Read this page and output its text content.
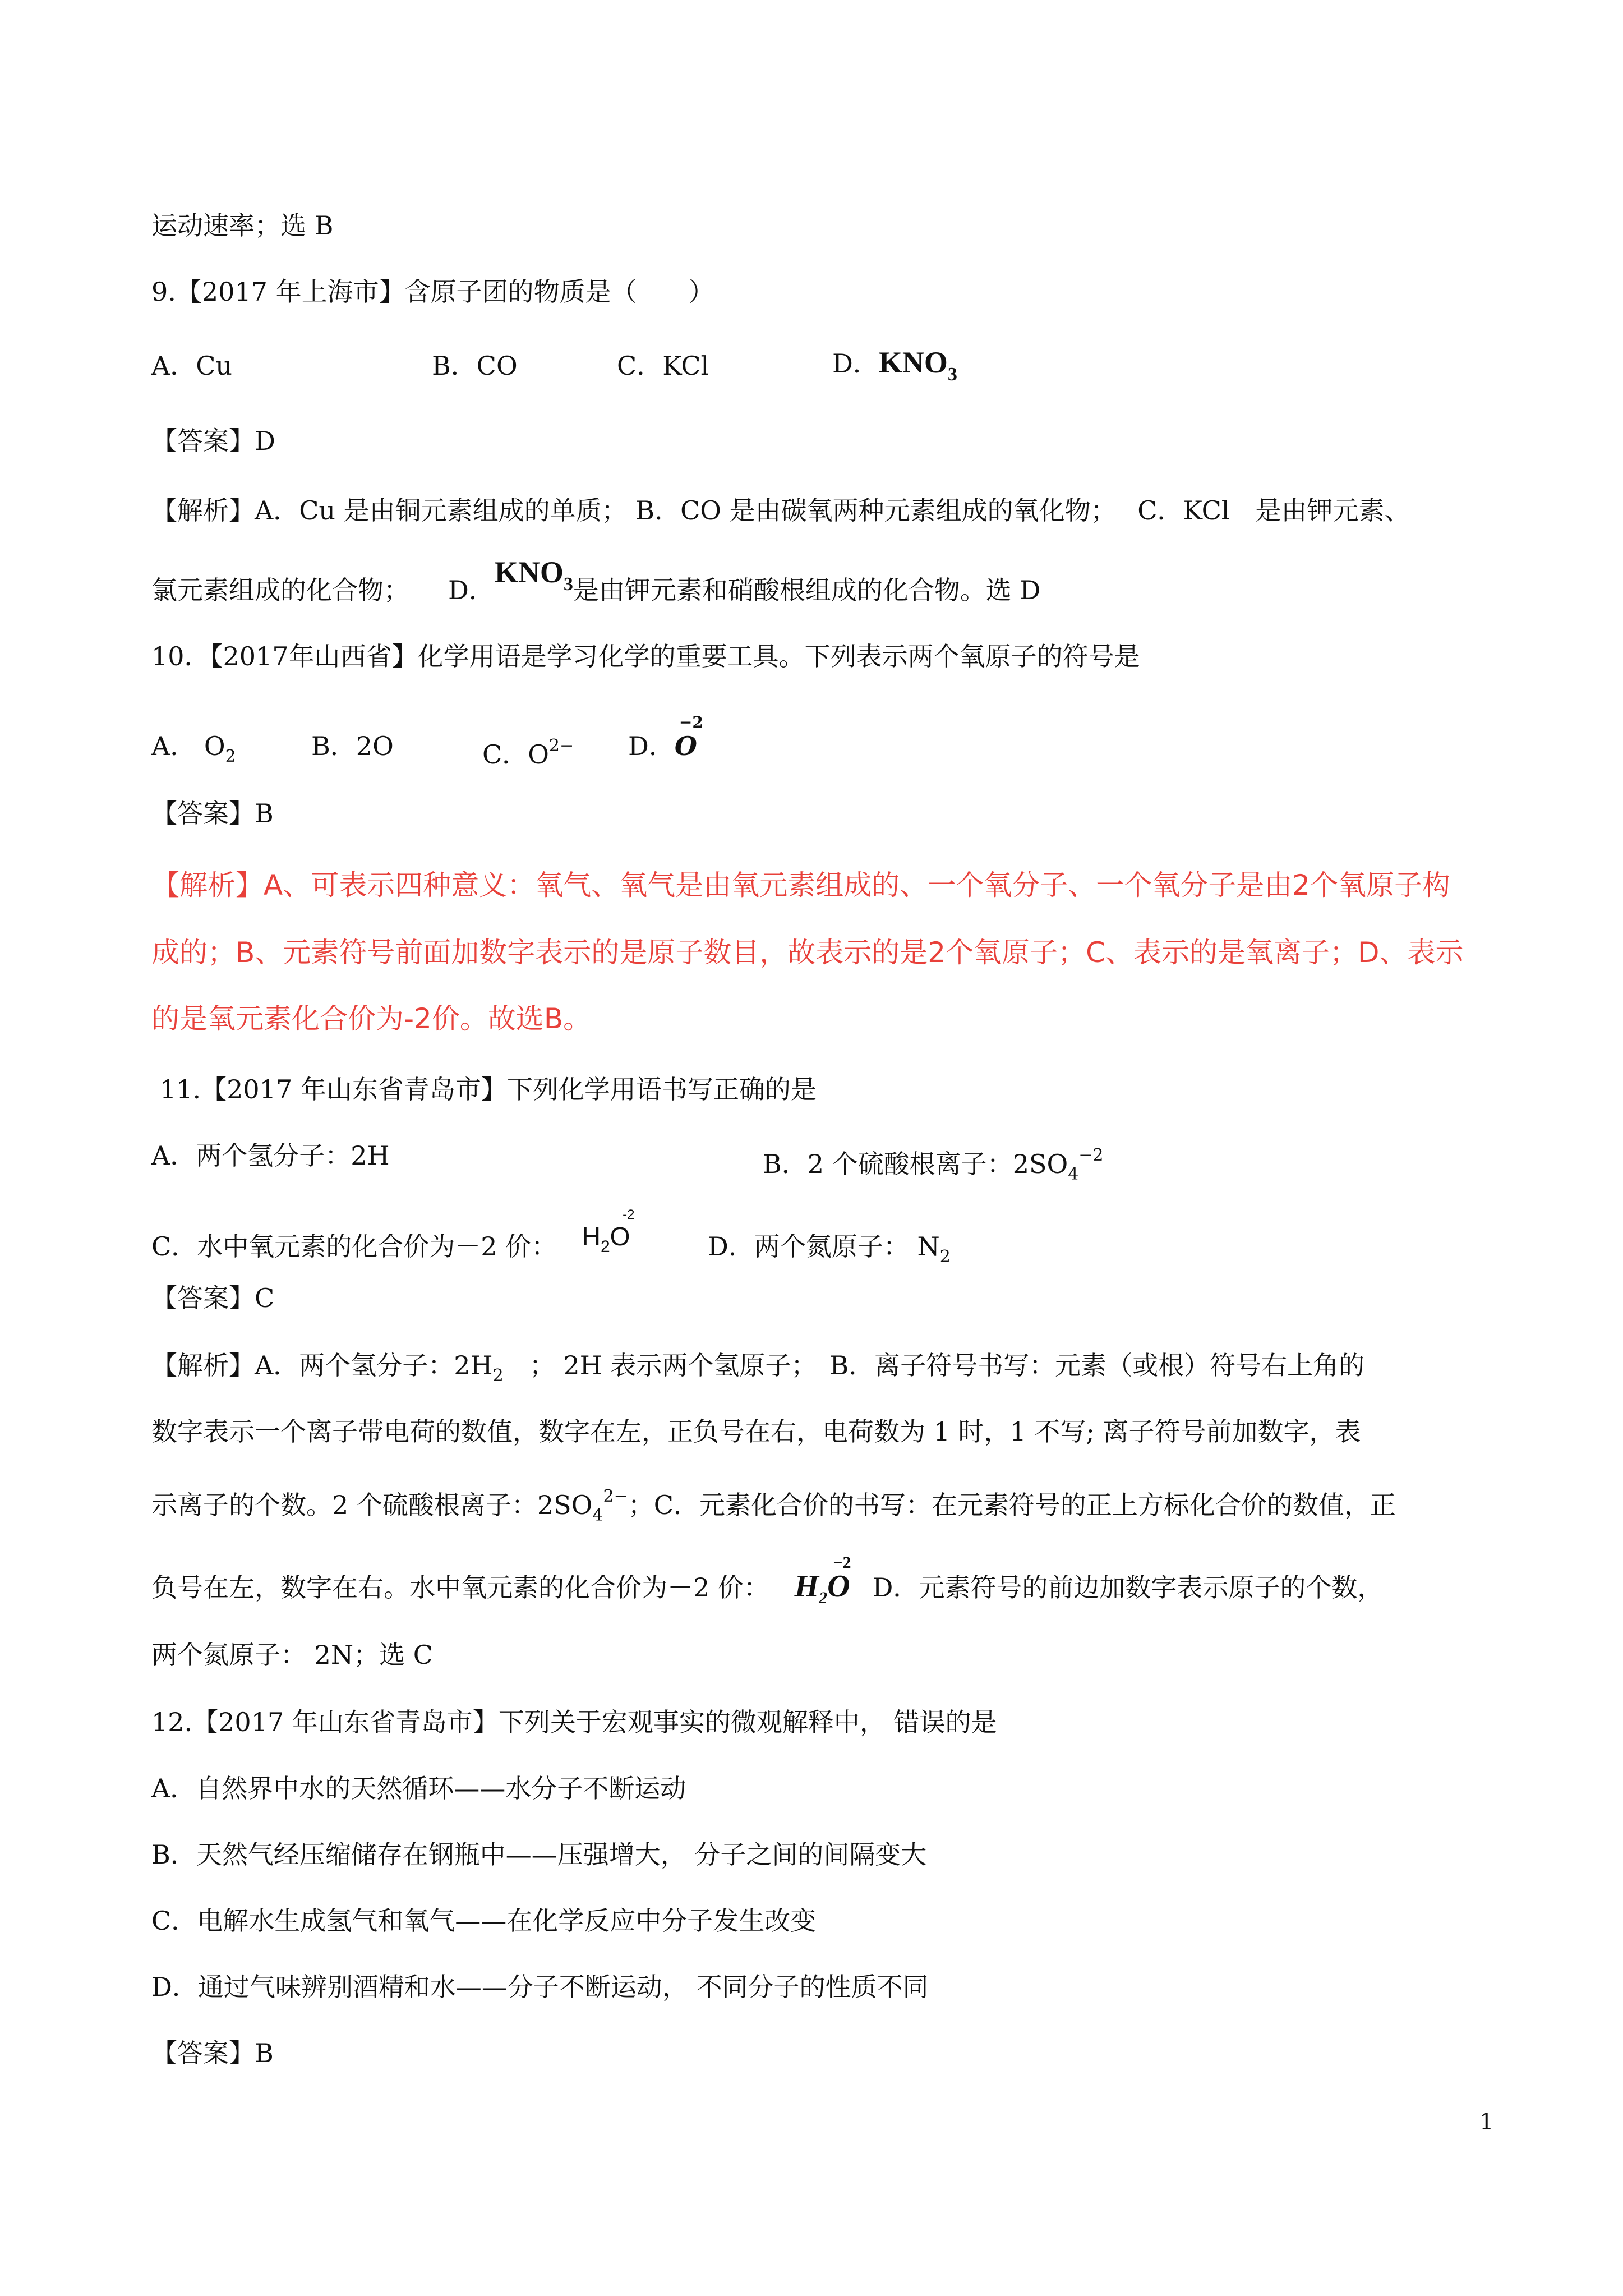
运动速率；选 B
9.【2017 年上海市】含原子团的物质是（　　）
A．Cu	B．CO	C．KCl	D．$KNO_3$
【答案】D
【解析】A．Cu 是由铜元素组成的单质； B．CO 是由碳氧两种元素组成的氧化物；　 C．KCl　是由钾元素、
氯元素组成的化合物；　　D．$KNO_3$是由钾元素和硝酸根组成的化合物。选 D
10．【2017年山西省】化学用语是学习化学的重要工具。下列表示两个氧原子的符号是
A． $O_2$	B．2O	C．$O^{2-}$ D．
−2
O
【答案】B
【解析】A、可表示四种意义：氧气、氧气是由氧元素组成的、一个氧分子、一个氧分子是由2个氧原子构
成的；B、元素符号前面加数字表示的是原子数目，故表示的是2个氧原子；C、表示的是氧离子；D、表示
的是氧元素化合价为-2价。故选B。
11.【2017 年山东省青岛市】下列化学用语书写正确的是
A．两个氢分子：2H	B．2 个硫酸根离子：$2SO_4^{-2}$
C．水中氧元素的化合价为－2 价： $H_2O$
-2
D．两个氮原子： $N_2$
【答案】C
【解析】A．两个氢分子：$2H_2$　； 2H 表示两个氢原子；　B．离子符号书写：元素（或根）符号右上角的
数字表示一个离子带电荷的数值，数字在左，正负号在右，电荷数为 1 时，1 不写; 离子符号前加数字，表
示离子的个数。2 个硫酸根离子：$2SO_4^{2-}$；C．元素化合价的书写：在元素符号的正上方标化合价的数值，正
负号在左，数字在右。水中氧元素的化合价为－2 价： $H_2O$
−2
D．元素符号的前边加数字表示原子的个数，
两个氮原子： 2N；选 C
12.【2017 年山东省青岛市】下列关于宏观事实的微观解释中， 错误的是
A．自然界中水的天然循环——水分子不断运动
B．天然气经压缩储存在钢瓶中——压强增大， 分子之间的间隔变大
C．电解水生成氢气和氧气——在化学反应中分子发生改变
D．通过气味辨别酒精和水——分子不断运动， 不同分子的性质不同
【答案】B
1
